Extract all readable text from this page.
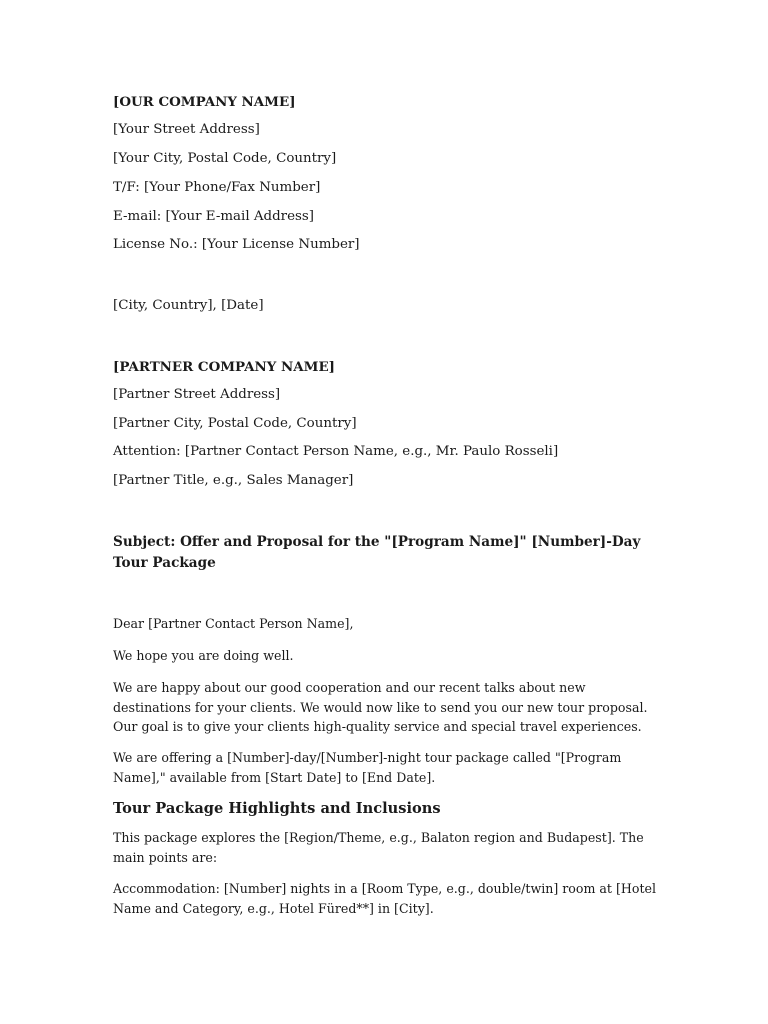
[OUR COMPANY NAME]
[Your Street Address]
[Your City, Postal Code, Country]
T/F: [Your Phone/Fax Number]
E-mail: [Your E-mail Address]
License No.: [Your License Number]
[City, Country], [Date]
[PARTNER COMPANY NAME]
[Partner Street Address]
[Partner City, Postal Code, Country]
Attention: [Partner Contact Person Name, e.g., Mr. Paulo Rosseli]
[Partner Title, e.g., Sales Manager]
Subject: Offer and Proposal for the "[Program Name]" [Number]-Day Tour Package
Dear [Partner Contact Person Name],
We hope you are doing well.
We are happy about our good cooperation and our recent talks about new destinations for your clients. We would now like to send you our new tour proposal. Our goal is to give your clients high-quality service and special travel experiences.
We are offering a [Number]-day/[Number]-night tour package called "[Program Name]," available from [Start Date] to [End Date].
Tour Package Highlights and Inclusions
This package explores the [Region/Theme, e.g., Balaton region and Budapest]. The main points are:
Accommodation: [Number] nights in a [Room Type, e.g., double/twin] room at [Hotel Name and Category, e.g., Hotel Füred**] in [City].
